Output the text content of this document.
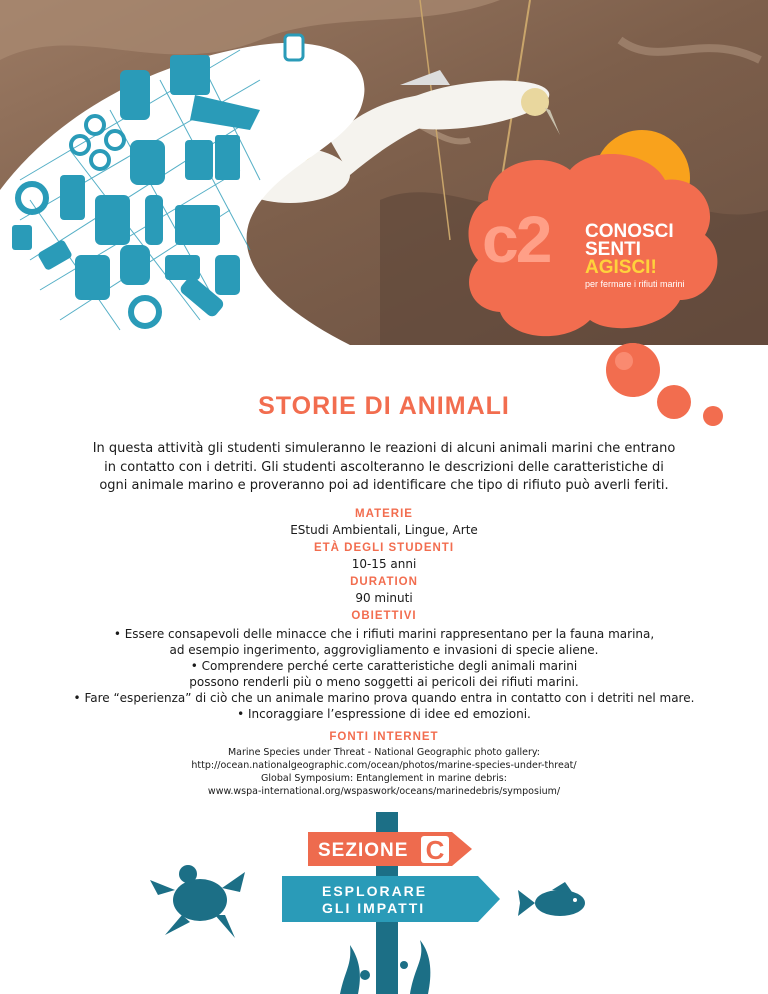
c2 CONOSCI
SENTI
AGISCI!
per fermare i rifiuti marini
STORIE DI ANIMALI
In questa attività gli studenti simuleranno le reazioni di alcuni animali marini che entrano
in contatto con i detriti. Gli studenti ascolteranno le descrizioni delle caratteristiche di
ogni animale marino e proveranno poi ad identificare che tipo di rifiuto può averli feriti.
MATERIE
EStudi Ambientali, Lingue, Arte
ETÀ DEGLI STUDENTI
10-15 anni
DURATION
90 minuti
OBIETTIVI
• Essere consapevoli delle minacce che i rifiuti marini rappresentano per la fauna marina,
ad esempio ingerimento, aggrovigliamento e invasioni di specie aliene.
• Comprendere perché certe caratteristiche degli animali marini
possono renderli più o meno soggetti ai pericoli dei rifiuti marini.
• Fare “esperienza” di ciò che un animale marino prova quando entra in contatto con i detriti nel mare.
• Incoraggiare l’espressione di idee ed emozioni.
FONTI INTERNET
Marine Species under Threat - National Geographic photo gallery:
http://ocean.nationalgeographic.com/ocean/photos/marine-species-under-threat/
Global Symposium: Entanglement in marine debris:
www.wspa-international.org/wspaswork/oceans/marinedebris/symposium/
SEZIONE C
ESPLORARE
GLI IMPATTI
